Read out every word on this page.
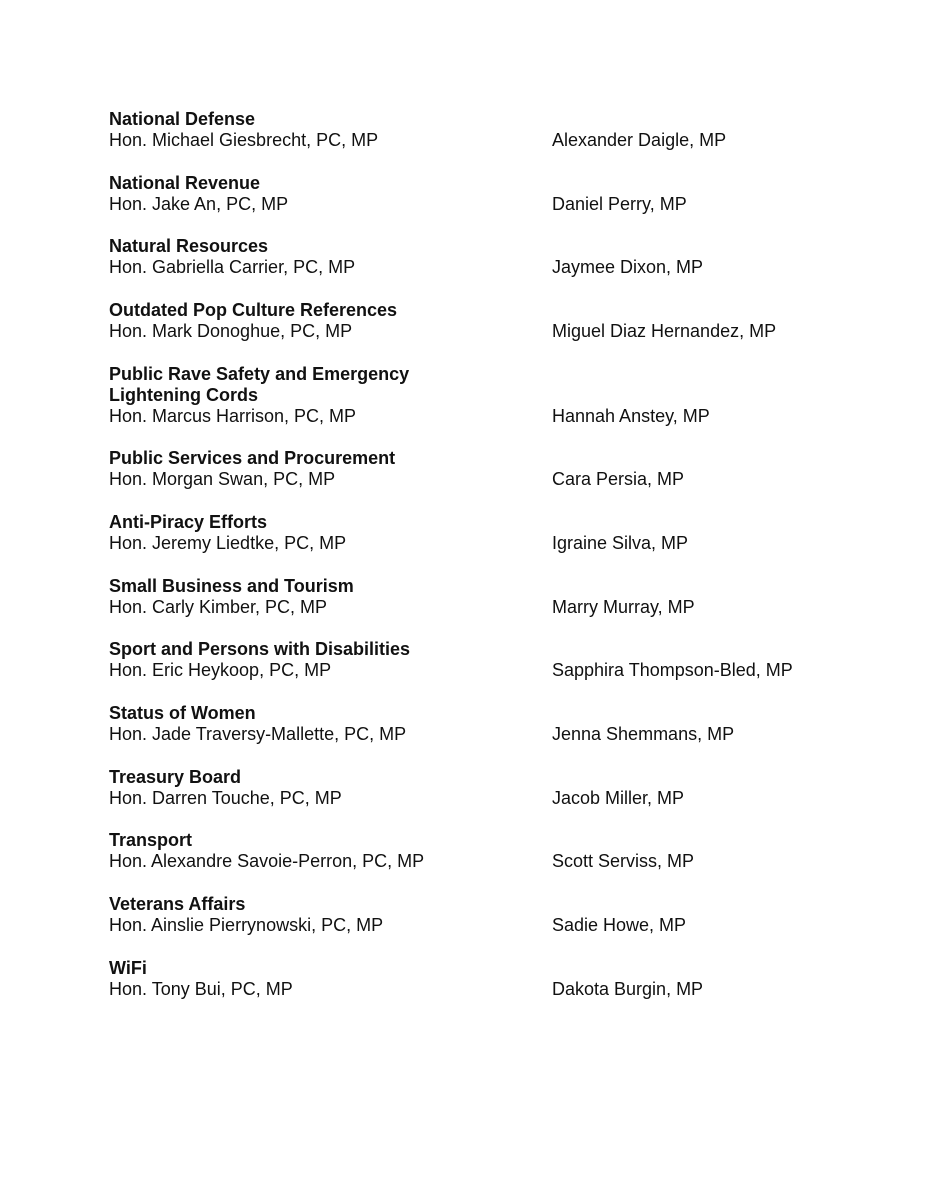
National Defense
Hon. Michael Giesbrecht, PC, MP	Alexander Daigle, MP
National Revenue
Hon. Jake An, PC, MP	Daniel Perry, MP
Natural Resources
Hon. Gabriella Carrier, PC, MP	Jaymee Dixon, MP
Outdated Pop Culture References
Hon. Mark Donoghue, PC, MP	Miguel Diaz Hernandez, MP
Public Rave Safety and Emergency
Lightening Cords
Hon. Marcus Harrison, PC, MP	Hannah Anstey, MP
Public Services and Procurement
Hon. Morgan Swan, PC, MP	Cara Persia, MP
Anti-Piracy Efforts
Hon. Jeremy Liedtke, PC, MP	Igraine Silva, MP
Small Business and Tourism
Hon. Carly Kimber, PC, MP	Marry Murray, MP
Sport and Persons with Disabilities
Hon. Eric Heykoop, PC, MP	Sapphira Thompson-Bled, MP
Status of Women
Hon. Jade Traversy-Mallette, PC, MP	Jenna Shemmans, MP
Treasury Board
Hon. Darren Touche, PC, MP	Jacob Miller, MP
Transport
Hon. Alexandre Savoie-Perron, PC, MP	Scott Serviss, MP
Veterans Affairs
Hon. Ainslie Pierrynowski, PC, MP	Sadie Howe, MP
WiFi
Hon. Tony Bui, PC, MP	Dakota Burgin, MP
